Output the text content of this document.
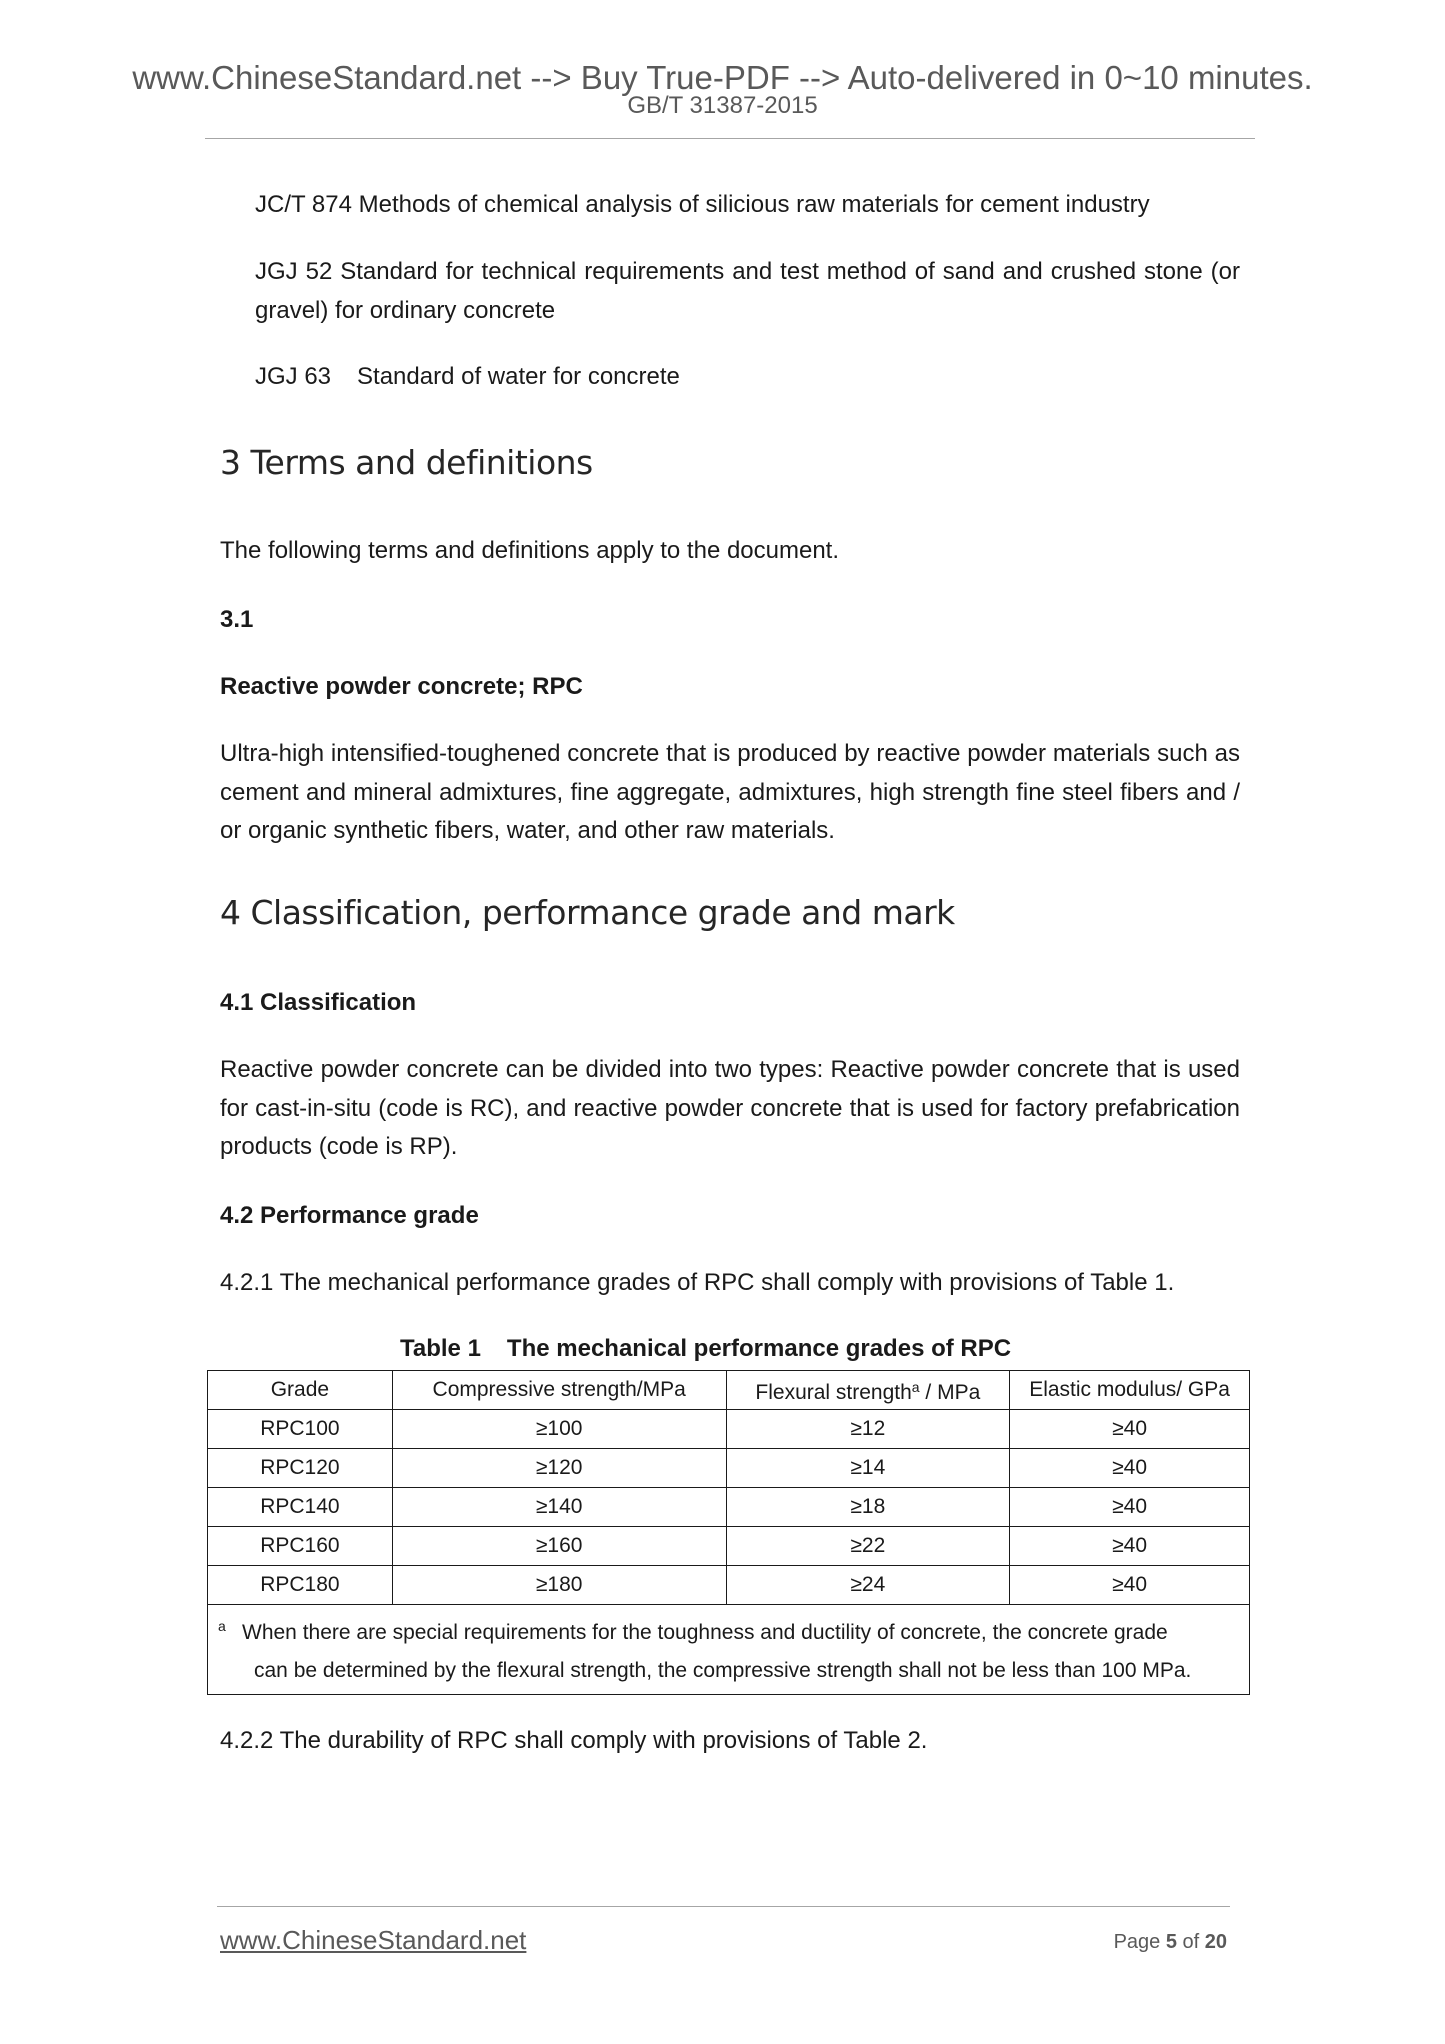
www.ChineseStandard.net --> Buy True-PDF --> Auto-delivered in 0~10 minutes.
GB/T 31387-2015
JC/T 874 Methods of chemical analysis of silicious raw materials for cement industry
JGJ 52 Standard for technical requirements and test method of sand and crushed stone (or gravel) for ordinary concrete
JGJ 63 Standard of water for concrete
3 Terms and definitions
The following terms and definitions apply to the document.
3.1
Reactive powder concrete; RPC
Ultra-high intensified-toughened concrete that is produced by reactive powder materials such as cement and mineral admixtures, fine aggregate, admixtures, high strength fine steel fibers and / or organic synthetic fibers, water, and other raw materials.
4 Classification, performance grade and mark
4.1 Classification
Reactive powder concrete can be divided into two types: Reactive powder concrete that is used for cast-in-situ (code is RC), and reactive powder concrete that is used for factory prefabrication products (code is RP).
4.2 Performance grade
4.2.1 The mechanical performance grades of RPC shall comply with provisions of Table 1.
Table 1 The mechanical performance grades of RPC
Grade	Compressive strength/MPa	Flexural strength$^a$ / MPa	Elastic modulus/ GPa
RPC100	≥100	≥12	≥40
RPC120	≥120	≥14	≥40
RPC140	≥140	≥18	≥40
RPC160	≥160	≥22	≥40
RPC180	≥180	≥24	≥40

a When there are special requirements for the toughness and ductility of concrete, the concrete grade
can be determined by the flexural strength, the compressive strength shall not be less than 100 MPa.			
4.2.2 The durability of RPC shall comply with provisions of Table 2.
www.ChineseStandard.net	Page 5 of 20
